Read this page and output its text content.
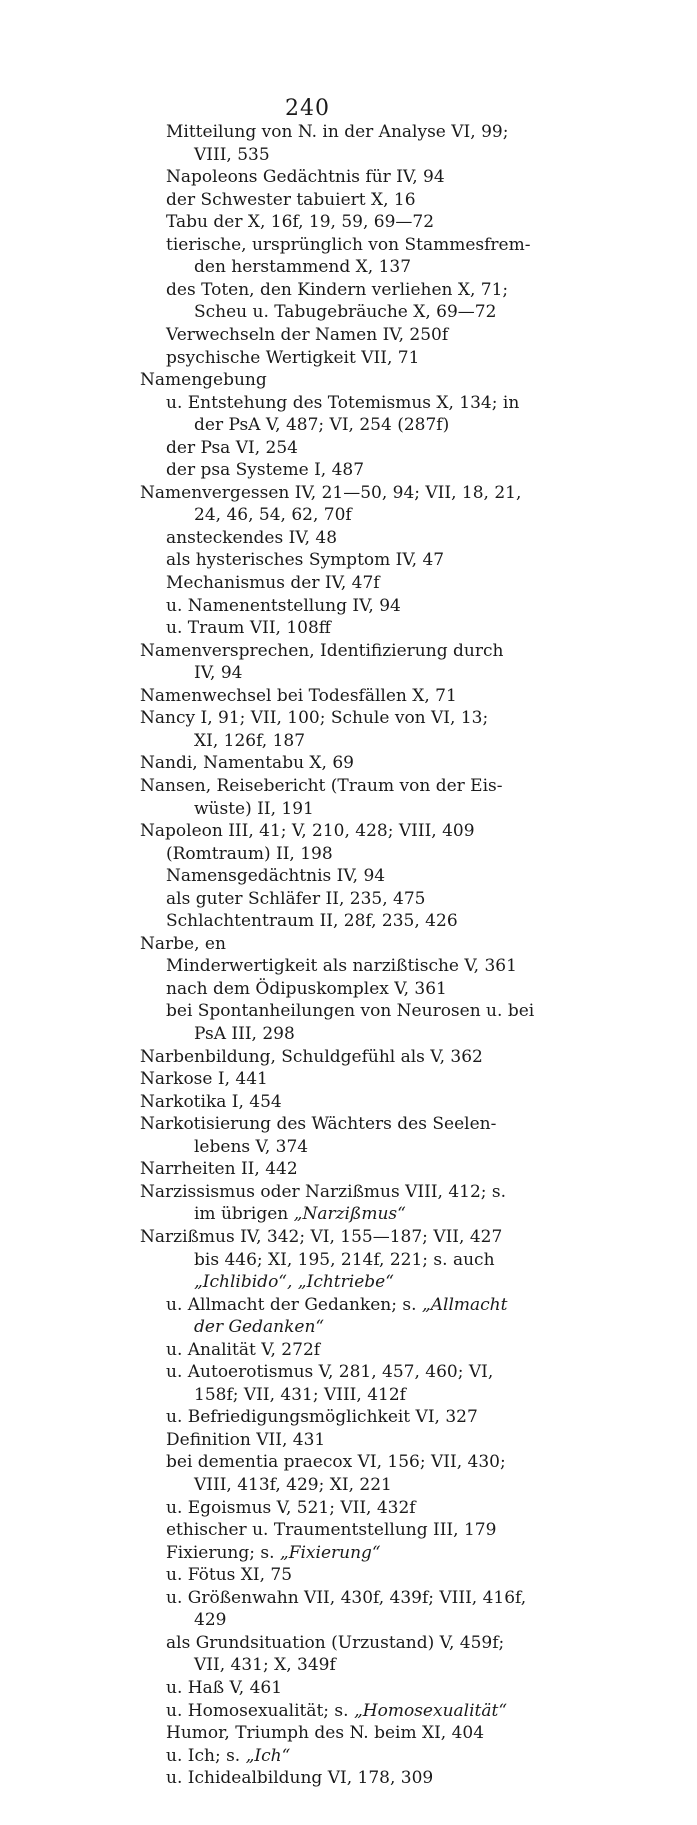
240
Mitteilung von N. in der Analyse VI, 99;
VIII, 535
Napoleons Gedächtnis für IV, 94
der Schwester tabuiert X, 16
Tabu der X, 16f, 19, 59, 69—72
tierische, ursprünglich von Stammesfrem-
den herstammend X, 137
des Toten, den Kindern verliehen X, 71;
Scheu u. Tabugebräuche X, 69—72
Verwechseln der Namen IV, 250f
psychische Wertigkeit VII, 71
Namengebung
u. Entstehung des Totemismus X, 134; in
der PsA V, 487; VI, 254 (287f)
der Psa VI, 254
der psa Systeme I, 487
Namenvergessen IV, 21—50, 94; VII, 18, 21,
24, 46, 54, 62, 70f
ansteckendes IV, 48
als hysterisches Symptom IV, 47
Mechanismus der IV, 47f
u. Namenentstellung IV, 94
u. Traum VII, 108ff
Namenversprechen, Identifizierung durch
IV, 94
Namenwechsel bei Todesfällen X, 71
Nancy I, 91; VII, 100; Schule von VI, 13;
XI, 126f, 187
Nandi, Namentabu X, 69
Nansen, Reisebericht (Traum von der Eis-
wüste) II, 191
Napoleon III, 41; V, 210, 428; VIII, 409
(Romtraum) II, 198
Namensgedächtnis IV, 94
als guter Schläfer II, 235, 475
Schlachtentraum II, 28f, 235, 426
Narbe, en
Minderwertigkeit als narzißtische V, 361
nach dem Ödipuskomplex V, 361
bei Spontanheilungen von Neurosen u. bei
PsA III, 298
Narbenbildung, Schuldgefühl als V, 362
Narkose I, 441
Narkotika I, 454
Narkotisierung des Wächters des Seelen-
lebens V, 374
Narrheiten II, 442
Narzissismus oder Narzißmus VIII, 412; s.
im übrigen „Narzißmus“
Narzißmus IV, 342; VI, 155—187; VII, 427
bis 446; XI, 195, 214f, 221; s. auch
„Ichlibido“, „Ichtriebe“
u. Allmacht der Gedanken; s. „Allmacht
der Gedanken“
u. Analität V, 272f
u. Autoerotismus V, 281, 457, 460; VI,
158f; VII, 431; VIII, 412f
u. Befriedigungsmöglichkeit VI, 327
Definition VII, 431
bei dementia praecox VI, 156; VII, 430;
VIII, 413f, 429; XI, 221
u. Egoismus V, 521; VII, 432f
ethischer u. Traumentstellung III, 179
Fixierung; s. „Fixierung“
u. Fötus XI, 75
u. Größenwahn VII, 430f, 439f; VIII, 416f,
429
als Grundsituation (Urzustand) V, 459f;
VII, 431; X, 349f
u. Haß V, 461
u. Homosexualität; s. „Homosexualität“
Humor, Triumph des N. beim XI, 404
u. Ich; s. „Ich“
u. Ichidealbildung VI, 178, 309
